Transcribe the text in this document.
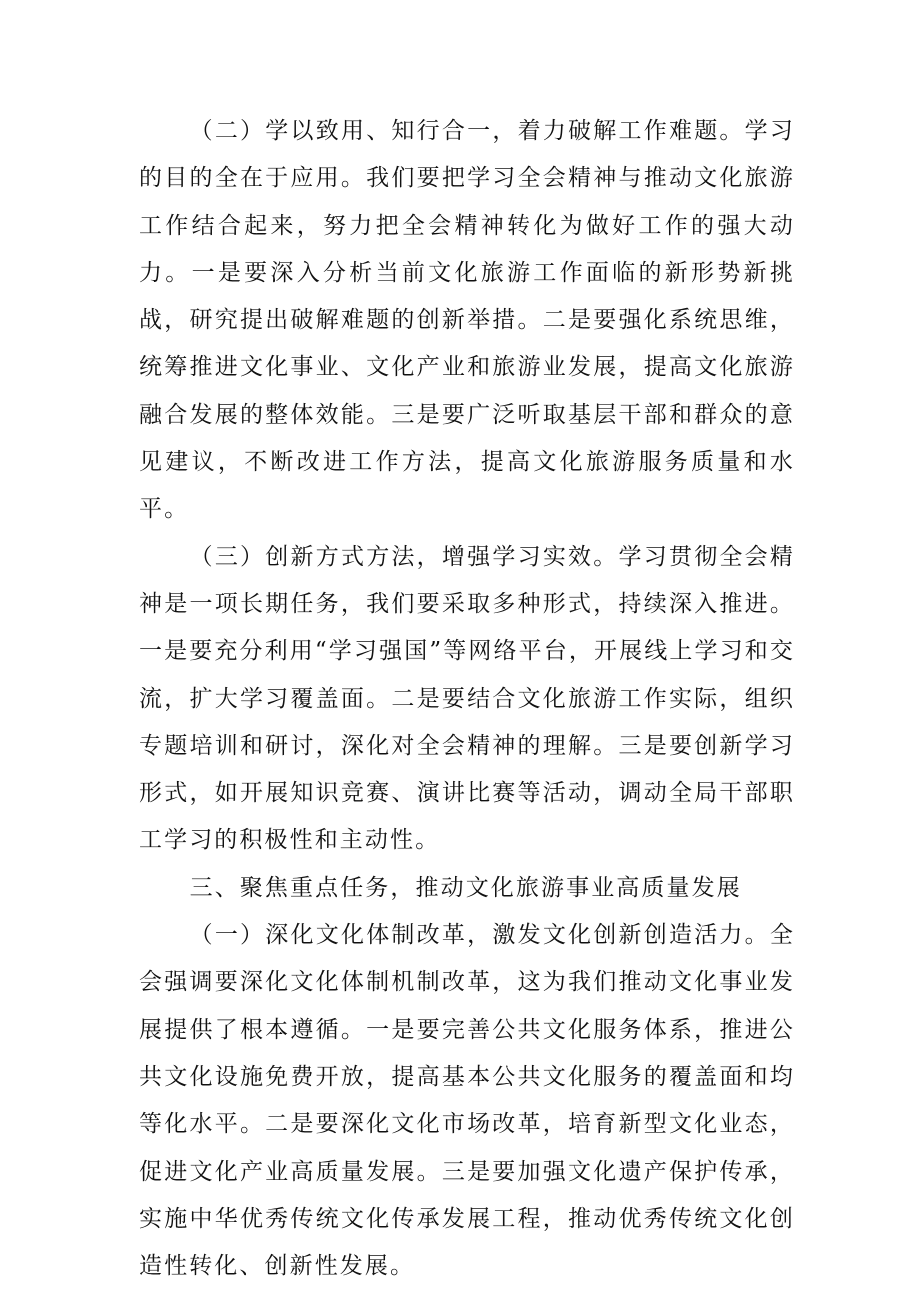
（二）学以致用、知行合一，着力破解工作难题。学习的目的全在于应用。我们要把学习全会精神与推动文化旅游工作结合起来，努力把全会精神转化为做好工作的强大动力。一是要深入分析当前文化旅游工作面临的新形势新挑战，研究提出破解难题的创新举措。二是要强化系统思维，统筹推进文化事业、文化产业和旅游业发展，提高文化旅游融合发展的整体效能。三是要广泛听取基层干部和群众的意见建议，不断改进工作方法，提高文化旅游服务质量和水平。

（三）创新方式方法，增强学习实效。学习贯彻全会精神是一项长期任务，我们要采取多种形式，持续深入推进。一是要充分利用“学习强国”等网络平台，开展线上学习和交流，扩大学习覆盖面。二是要结合文化旅游工作实际，组织专题培训和研讨，深化对全会精神的理解。三是要创新学习形式，如开展知识竞赛、演讲比赛等活动，调动全局干部职工学习的积极性和主动性。

三、聚焦重点任务，推动文化旅游事业高质量发展

（一）深化文化体制改革，激发文化创新创造活力。全会强调要深化文化体制机制改革，这为我们推动文化事业发展提供了根本遵循。一是要完善公共文化服务体系，推进公共文化设施免费开放，提高基本公共文化服务的覆盖面和均等化水平。二是要深化文化市场改革，培育新型文化业态，促进文化产业高质量发展。三是要加强文化遗产保护传承，实施中华优秀传统文化传承发展工程，推动优秀传统文化创造性转化、创新性发展。
